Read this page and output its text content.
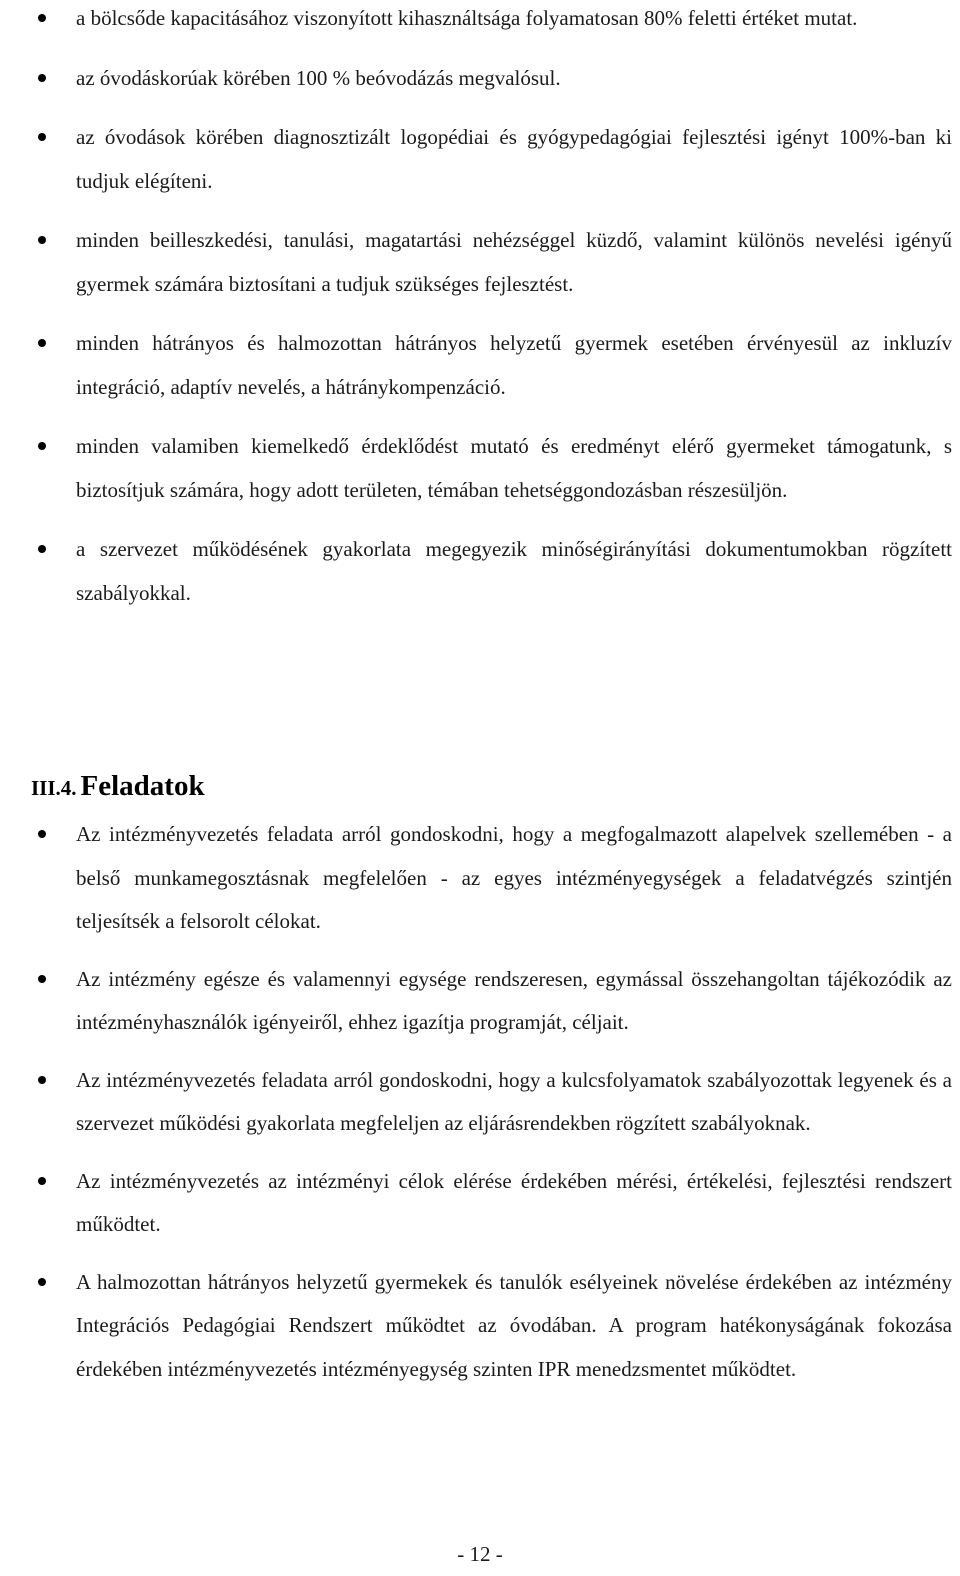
a bölcsőde kapacitásához viszonyított kihasználtsága folyamatosan 80% feletti értéket mutat.
az óvodáskorúak körében 100 % beóvodázás megvalósul.
az óvodások körében diagnosztizált logopédiai és gyógypedagógiai fejlesztési igényt 100%-ban ki tudjuk elégíteni.
minden beilleszkedési, tanulási, magatartási nehézséggel küzdő, valamint különös nevelési igényű gyermek számára biztosítani a tudjuk szükséges fejlesztést.
minden hátrányos és halmozottan hátrányos helyzetű gyermek esetében érvényesül az inkluzív integráció, adaptív nevelés, a hátránykompenzáció.
minden valamiben kiemelkedő érdeklődést mutató és eredményt elérő gyermeket támogatunk, s biztosítjuk számára, hogy adott területen, témában tehetséggondozásban részesüljön.
a szervezet működésének gyakorlata megegyezik minőségirányítási dokumentumokban rögzített szabályokkal.
III.4. Feladatok
Az intézményvezetés feladata arról gondoskodni, hogy a megfogalmazott alapelvek szellemében - a belső munkamegosztásnak megfelelően - az egyes intézményegységek a feladatvégzés szintjén teljesítsék a felsorolt célokat.
Az intézmény egésze és valamennyi egysége rendszeresen, egymással összehangoltan tájékozódik az intézményhasználók igényeiről, ehhez igazítja programját, céljait.
Az intézményvezetés feladata arról gondoskodni, hogy a kulcsfolyamatok szabályozottak legyenek és a szervezet működési gyakorlata megfeleljen az eljárásrendekben rögzített szabályoknak.
Az intézményvezetés az intézményi célok elérése érdekében mérési, értékelési, fejlesztési rendszert működtet.
A halmozottan hátrányos helyzetű gyermekek és tanulók esélyeinek növelése érdekében az intézmény Integrációs Pedagógiai Rendszert működtet az óvodában. A program hatékonyságának fokozása érdekében intézményvezetés intézményegység szinten IPR menedzsmentet működtet.
- 12 -
